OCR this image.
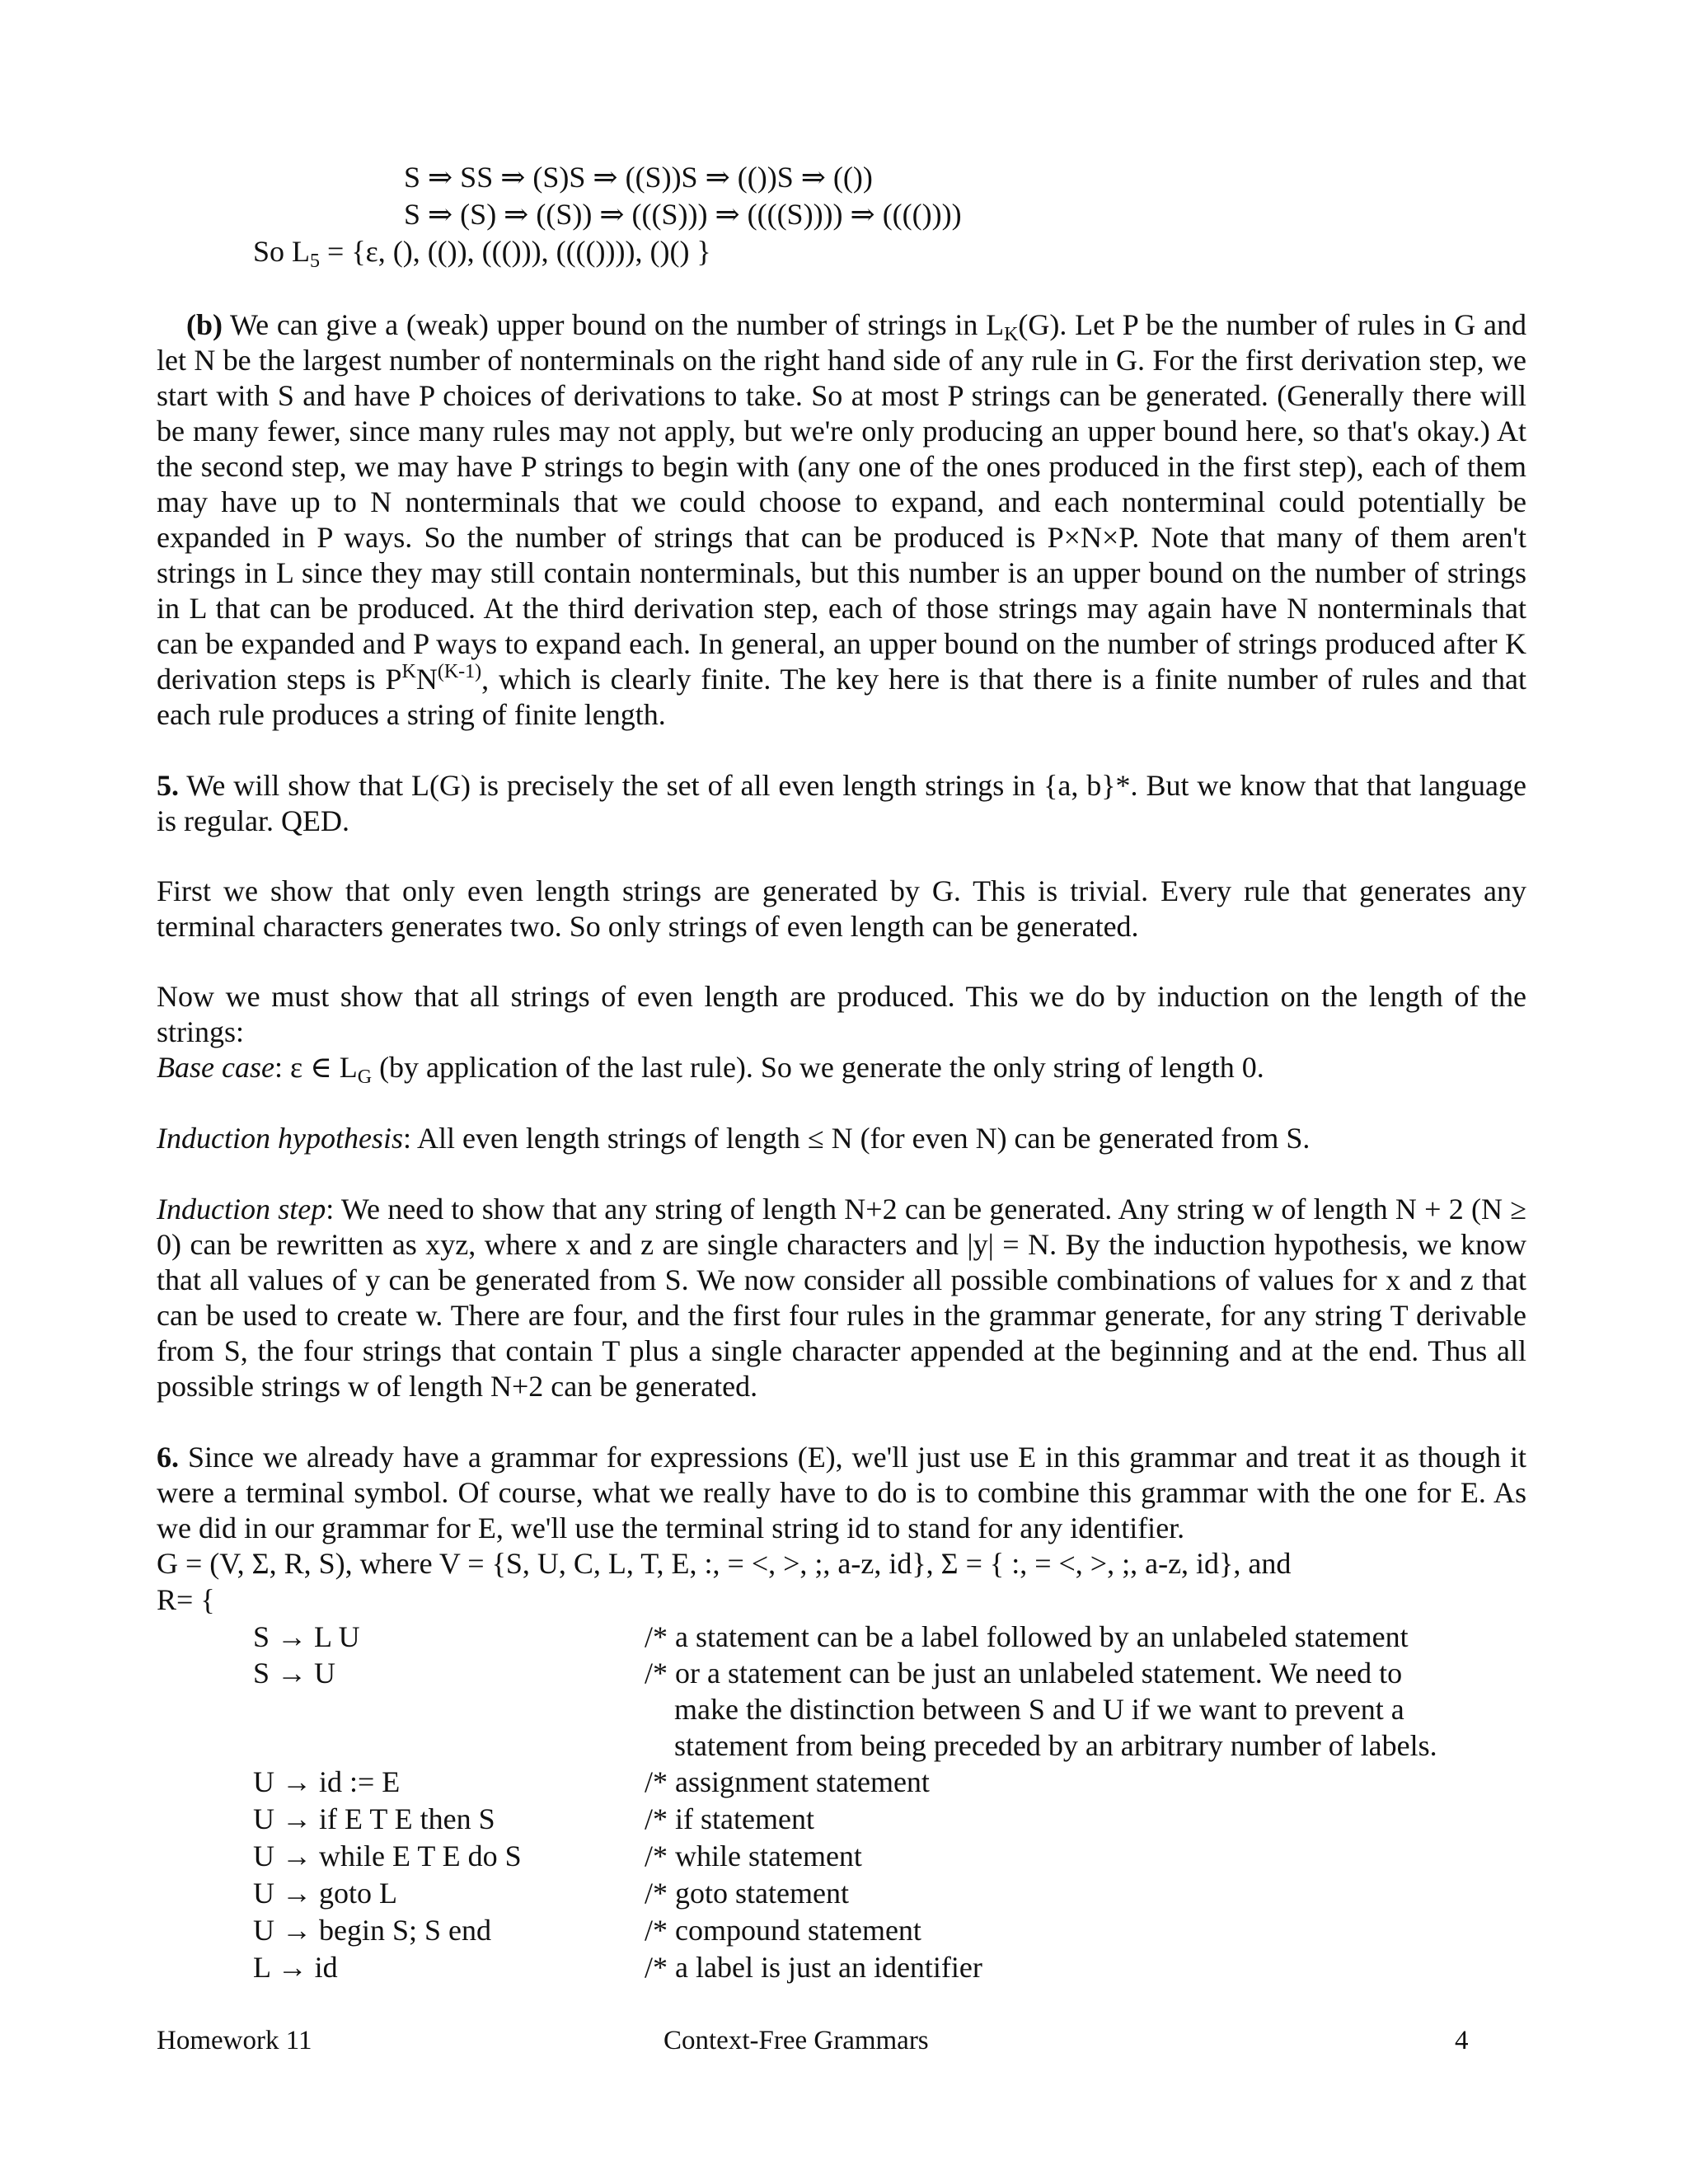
S ⇒ SS ⇒ (S)S ⇒ ((S))S ⇒ (())S ⇒ (())
S ⇒ (S) ⇒ ((S)) ⇒ (((S))) ⇒ ((((S)))) ⇒ (((())))
So $L_5 = \{\varepsilon$, (), (()), ((())), (((()))), ()() }
(b) We can give a (weak) upper bound on the number of strings in $L_K(G)$. Let P be the number of rules in G and let N be the largest number of nonterminals on the right hand side of any rule in G. For the first derivation step, we start with S and have P choices of derivations to take. So at most P strings can be generated. (Generally there will be many fewer, since many rules may not apply, but we're only producing an upper bound here, so that's okay.) At the second step, we may have P strings to begin with (any one of the ones produced in the first step), each of them may have up to N nonterminals that we could choose to expand, and each nonterminal could potentially be expanded in P ways. So the number of strings that can be produced is P×N×P. Note that many of them aren't strings in L since they may still contain nonterminals, but this number is an upper bound on the number of strings in L that can be produced. At the third derivation step, each of those strings may again have N nonterminals that can be expanded and P ways to expand each. In general, an upper bound on the number of strings produced after K derivation steps is $P^KN^{(K-1)}$, which is clearly finite. The key here is that there is a finite number of rules and that each rule produces a string of finite length.
5. We will show that L(G) is precisely the set of all even length strings in {a, b}*. But we know that that language is regular. QED.
First we show that only even length strings are generated by G. This is trivial. Every rule that generates any terminal characters generates two. So only strings of even length can be generated.
Now we must show that all strings of even length are produced. This we do by induction on the length of the strings:
Base case: ε ∈ $L_G$ (by application of the last rule). So we generate the only string of length 0.
Induction hypothesis: All even length strings of length ≤ N (for even N) can be generated from S.
Induction step: We need to show that any string of length N+2 can be generated. Any string w of length N + 2 (N ≥ 0) can be rewritten as xyz, where x and z are single characters and |y| = N. By the induction hypothesis, we know that all values of y can be generated from S. We now consider all possible combinations of values for x and z that can be used to create w. There are four, and the first four rules in the grammar generate, for any string T derivable from S, the four strings that contain T plus a single character appended at the beginning and at the end. Thus all possible strings w of length N+2 can be generated.
6. Since we already have a grammar for expressions (E), we'll just use E in this grammar and treat it as though it were a terminal symbol. Of course, what we really have to do is to combine this grammar with the one for E. As we did in our grammar for E, we'll use the terminal string id to stand for any identifier.
G = (V, Σ, R, S), where V = {S, U, C, L, T, E, :, = <, >, ;, a-z, id}, Σ = { :, = <, >, ;, a-z, id}, and
R= {
S → L U	/* a statement can be a label followed by an unlabeled statement
S → U	/* or a statement can be just an unlabeled statement. We need to
make the distinction between S and U if we want to prevent a
statement from being preceded by an arbitrary number of labels.
U → id := E	/* assignment statement
U → if E T E then S	/* if statement
U → while E T E do S	/* while statement
U → goto L	/* goto statement
U → begin S; S end	/* compound statement
L → id	/* a label is just an identifier
Homework 11	Context-Free Grammars	4
